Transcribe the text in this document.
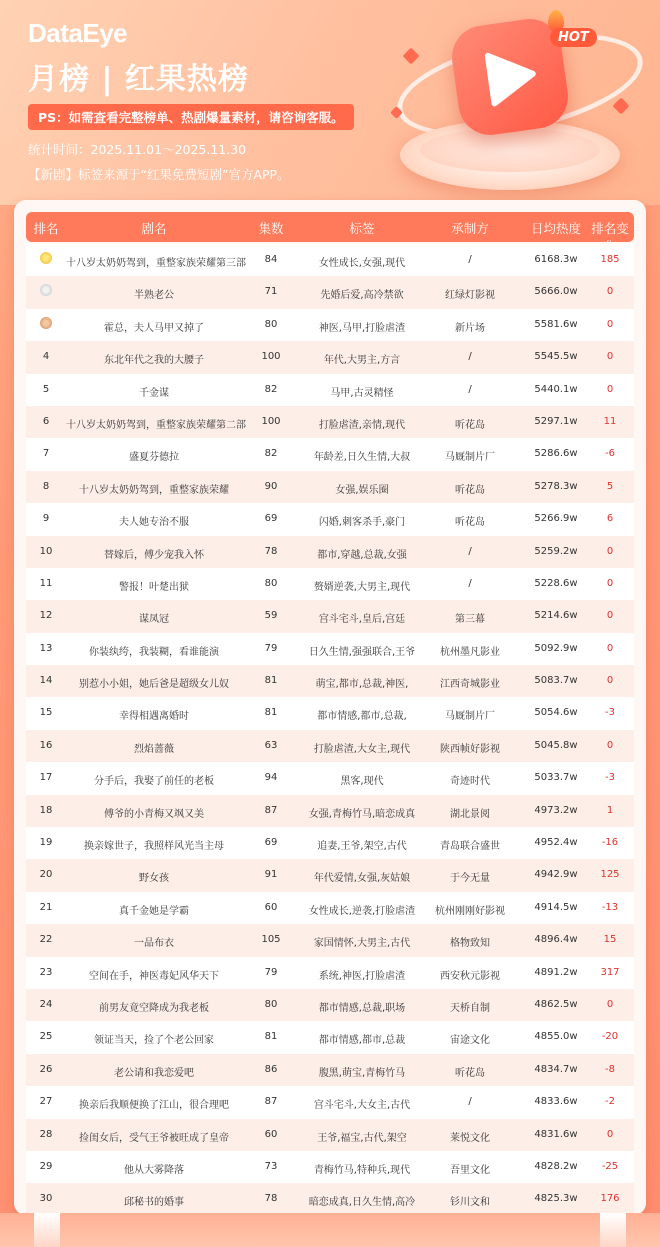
DataEye
月榜 | 红果热榜
PS：如需查看完整榜单、热剧爆量素材，请咨询客服。
统计时间：2025.11.01～2025.11.30
【新剧】标签来源于“红果免费短剧”官方APP。
HOT
排名	剧名	集数	标签	承制方	日均热度 排名变
十八岁太奶奶驾到，重整家族荣耀第三部	84	女性成长,女强,现代	/	6168.3w	185
半熟老公	71	先婚后爱,高冷禁欲	红绿灯影视	5666.0w	0
霍总，夫人马甲又掉了	80	神医,马甲,打脸虐渣	新片场	5581.6w	0
4	东北年代之我的大腰子	100	年代,大男主,方言	/	5545.5w	0
5	千金谋	82	马甲,古灵精怪	/	5440.1w	0
6	十八岁太奶奶驾到，重整家族荣耀第二部	100	打脸虐渣,亲情,现代	听花岛	5297.1w	11
7	盛夏芬德拉	82	年龄差,日久生情,大叔	马厩制片厂	5286.6w	-6
8	十八岁太奶奶驾到，重整家族荣耀	90	女强,娱乐圈	听花岛	5278.3w	5
9	夫人她专治不服	69	闪婚,刺客杀手,豪门	听花岛	5266.9w	6
10	替嫁后，傅少宠我入怀	78	都市,穿越,总裁,女强	/	5259.2w	0
11	警报！叶楚出狱	80	赘婿逆袭,大男主,现代	/	5228.6w	0
12	谋凤冠	59	宫斗宅斗,皇后,宫廷	第三幕	5214.6w	0
13	你装纨绔，我装糊，看谁能演	79	日久生情,强强联合,王爷	杭州墨凡影业	5092.9w	0
14	别惹小小姐，她后爸是超级女儿奴	81	萌宝,都市,总裁,神医,	江西奇城影业	5083.7w	0
15	幸得相遇离婚时	81	都市情感,都市,总裁,	马厩制片厂	5054.6w	-3
16	烈焰蔷薇	63	打脸虐渣,大女主,现代	陕西帧好影视	5045.8w	0
17	分手后，我娶了前任的老板	94	黑客,现代	奇迹时代	5033.7w	-3
18	傅爷的小青梅又飒又美	87	女强,青梅竹马,暗恋成真	湖北景阅	4973.2w	1
19	换亲嫁世子，我照样风光当主母	69	追妻,王爷,架空,古代	青岛联合盛世	4952.4w	-16
20	野女孩	91	年代爱情,女强,灰姑娘	于今无量	4942.9w	125
21	真千金她是学霸	60	女性成长,逆袭,打脸虐渣	杭州刚刚好影视	4914.5w	-13
22	一品布衣	105	家国情怀,大男主,古代	格物致知	4896.4w	15
23	空间在手，神医毒妃风华天下	79	系统,神医,打脸虐渣	西安秋元影视	4891.2w	317
24	前男友竟空降成为我老板	80	都市情感,总裁,职场	天桥自制	4862.5w	0
25	领证当天，捡了个老公回家	81	都市情感,都市,总裁	宙途文化	4855.0w	-20
26	老公请和我恋爱吧	86	腹黑,萌宝,青梅竹马	听花岛	4834.7w	-8
27	换亲后我顺便换了江山，很合理吧	87	宫斗宅斗,大女主,古代	/	4833.6w	-2
28	捡闺女后，受气王爷被旺成了皇帝	60	王爷,福宝,古代,架空	莱悦文化	4831.6w	0
29	他从大雾降落	73	青梅竹马,特种兵,现代	吾里文化	4828.2w	-25
30	邱秘书的婚事	78	暗恋成真,日久生情,高冷	钐川文和	4825.3w	176
